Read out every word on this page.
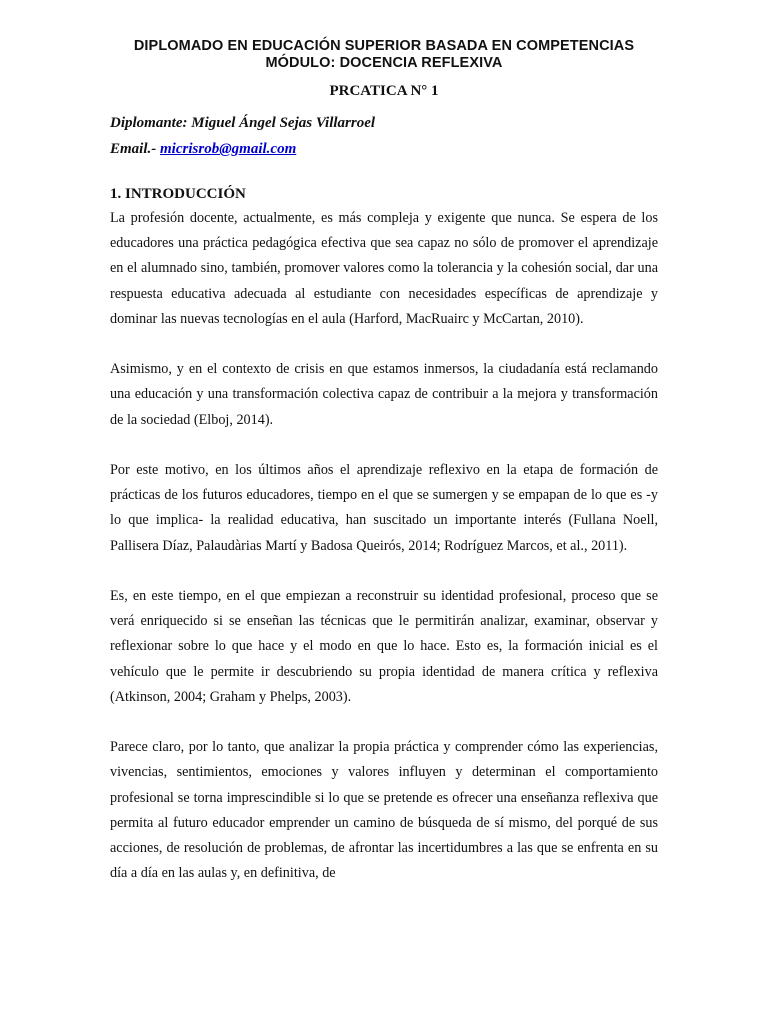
DIPLOMADO EN EDUCACIÓN SUPERIOR BASADA EN COMPETENCIAS
MÓDULO: DOCENCIA REFLEXIVA
PRCATICA N° 1
Diplomante: Miguel Ángel Sejas Villarroel
Email.- micrisrob@gmail.com
1. INTRODUCCIÓN

La profesión docente, actualmente, es más compleja y exigente que nunca. Se espera de los educadores una práctica pedagógica efectiva que sea capaz no sólo de promover el aprendizaje en el alumnado sino, también, promover valores como la tolerancia y la cohesión social, dar una respuesta educativa adecuada al estudiante con necesidades específicas de aprendizaje y dominar las nuevas tecnologías en el aula (Harford, MacRuairc y McCartan, 2010).

Asimismo, y en el contexto de crisis en que estamos inmersos, la ciudadanía está reclamando una educación y una transformación colectiva capaz de contribuir a la mejora y transformación de la sociedad (Elboj, 2014).

Por este motivo, en los últimos años el aprendizaje reflexivo en la etapa de formación de prácticas de los futuros educadores, tiempo en el que se sumergen y se empapan de lo que es -y lo que implica- la realidad educativa, han suscitado un importante interés (Fullana Noell, Pallisera Díaz, Palaudàrias Martí y Badosa Queirós, 2014; Rodríguez Marcos, et al., 2011).

Es, en este tiempo, en el que empiezan a reconstruir su identidad profesional, proceso que se verá enriquecido si se enseñan las técnicas que le permitirán analizar, examinar, observar y reflexionar sobre lo que hace y el modo en que lo hace. Esto es, la formación inicial es el vehículo que le permite ir descubriendo su propia identidad de manera crítica y reflexiva (Atkinson, 2004; Graham y Phelps, 2003).

Parece claro, por lo tanto, que analizar la propia práctica y comprender cómo las experiencias, vivencias, sentimientos, emociones y valores influyen y determinan el comportamiento profesional se torna imprescindible si lo que se pretende es ofrecer una enseñanza reflexiva que permita al futuro educador emprender un camino de búsqueda de sí mismo, del porqué de sus acciones, de resolución de problemas, de afrontar las incertidumbres a las que se enfrenta en su día a día en las aulas y, en definitiva, de
